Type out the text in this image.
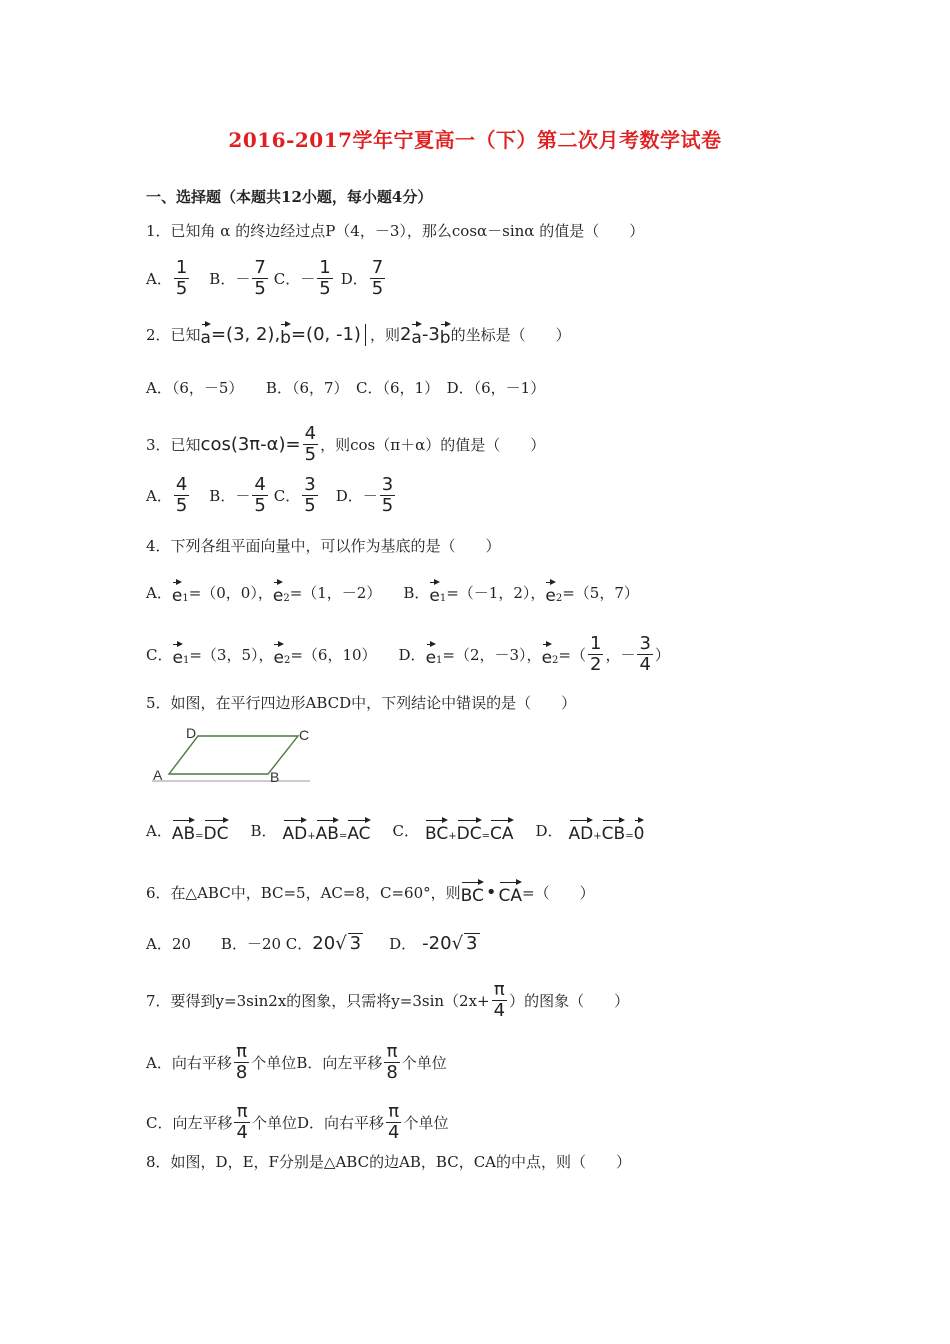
2016-2017学年宁夏高一（下）第二次月考数学试卷
一、选择题（本题共12小题，每小题4分）
1．已知角 α 的终边经过点P（4，－3），那么cosα－sinα 的值是（　　）
A． $\frac{1}{5}$ B．－ $\frac{7}{5}$ C．－ $\frac{1}{5}$ D． $\frac{7}{5}$
2．已知 a =(3, 2), b =(0, -1) ，则 2 a -3 b 的坐标是（　　）
A．（6，－5）　　B．（6，7）　C．（6，1）　D．（6，－1）
3．已知 $\cos(3\pi-\alpha)= \frac{4}{5}$ ，则cos（π＋α）的值是（　　）
A． $\frac{4}{5}$ B．－ $\frac{4}{5}$ C． $\frac{3}{5}$ D．－ $\frac{3}{5}$
4．下列各组平面向量中，可以作为基底的是（　　）
A． e 1 =（0，0）， e 2 =（1，－2） B． e 1 =（－1，2）， e 2 =（5，7）
C． e 1 =（3，5）， e 2 =（6，10） D． e 1 =（2，－3）， e 2 =（ $\frac{1}{2}$ ，－ $\frac{3}{4}$ ）
5．如图，在平行四边形ABCD中，下列结论中错误的是（　　）
D	C
A	B
A． AB = DC B． AD + AB = AC C． BC + DC = CA D． AD + CB = 0
6．在△ABC中，BC=5，AC=8，C=60°，则 BC • CA =（　　）
A．20　　B．－20 C． 20 √ 3 D． -20 √ 3
7．要得到y=3sin2x的图象，只需将$y=3\sin(2x+ \frac{\pi}{4}$ ）的图象（　　）
A．向右平移 $\frac{\pi}{8}$ 个单位 B．向左平移 $\frac{\pi}{8}$ 个单位
C．向左平移 $\frac{\pi}{4}$ 个单位 D．向右平移 $\frac{\pi}{4}$ 个单位
8．如图，D，E，F分别是△ABC的边AB，BC，CA的中点，则（　　）
